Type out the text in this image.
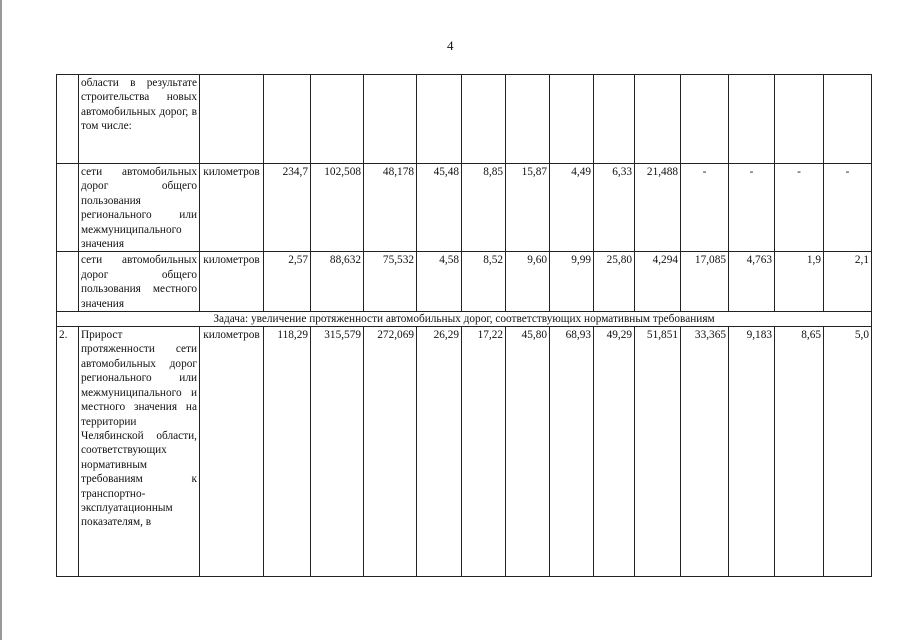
4
	области в результате строительства новых автомобильных дорог, в том числе:														
	сети автомобильных дорог общего пользования регионального или межмуниципального значения	километров	234,7	102,508	48,178	45,48	8,85	15,87	4,49	6,33	21,488	-	-	-	-
	сети автомобильных дорог общего пользования местного значения	километров	2,57	88,632	75,532	4,58	8,52	9,60	9,99	25,80	4,294	17,085	4,763	1,9	2,1
Задача: увеличение протяженности автомобильных дорог, соответствующих нормативным требованиям															
2.	Прирост протяженности сети автомобильных дорог регионального или межмуниципального и местного значения на территории Челябинской области, соответствующих нормативным требованиям к транспортно-эксплуатационным показателям, в	километров	118,29	315,579	272,069	26,29	17,22	45,80	68,93	49,29	51,851	33,365	9,183	8,65	5,0
